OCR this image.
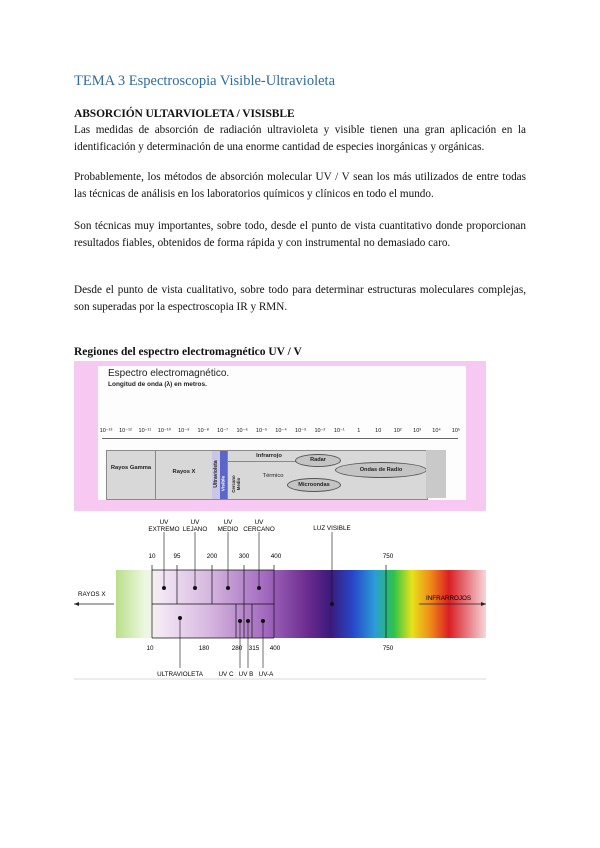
TEMA 3 Espectroscopia Visible-Ultravioleta
ABSORCIÓN ULTARVIOLETA / VISISBLE
Las medidas de absorción de radiación ultravioleta y visible tienen una gran aplicación en la identificación y determinación de una enorme cantidad de especies inorgánicas y orgánicas.
Probablemente, los métodos de absorción molecular UV / V sean los más utilizados de entre todas las técnicas de análisis en los laboratorios químicos y clínicos en todo el mundo.
Son técnicas muy importantes, sobre todo, desde el punto de vista cuantitativo donde proporcionan resultados fiables, obtenidos de forma rápida y con instrumental no demasiado caro.
Desde el punto de vista cualitativo, sobre todo para determinar estructuras moleculares complejas, son superadas por la espectroscopia IR y RMN.
Regiones del espectro electromagnético UV / V
Espectro electromagnético.
Longitud de onda (λ) en metros.
10⁻¹³ 10⁻¹² 10⁻¹¹ 10⁻¹⁰ 10⁻⁹ 10⁻⁸ 10⁻⁷ 10⁻⁶ 10⁻⁵ 10⁻⁴ 10⁻³ 10⁻² 10⁻¹ 1	10 10² 10³ 10⁴ 10⁵
Rayos Gamma
Rayos X	Ultravioleta Visible Cercano Medio
Infrarrojo
Térmico
Radar
Ondas de Radio
Microondas
UV EXTREMO
UV LEJANO
UV MEDIO
UV CERCANO	LUZ VISIBLE
10	95	200	300	400	750
RAYOS X
INFRARROJOS
10	180	280 315 400	750
ULTRAVIOLETA UV C UV B UV-A
